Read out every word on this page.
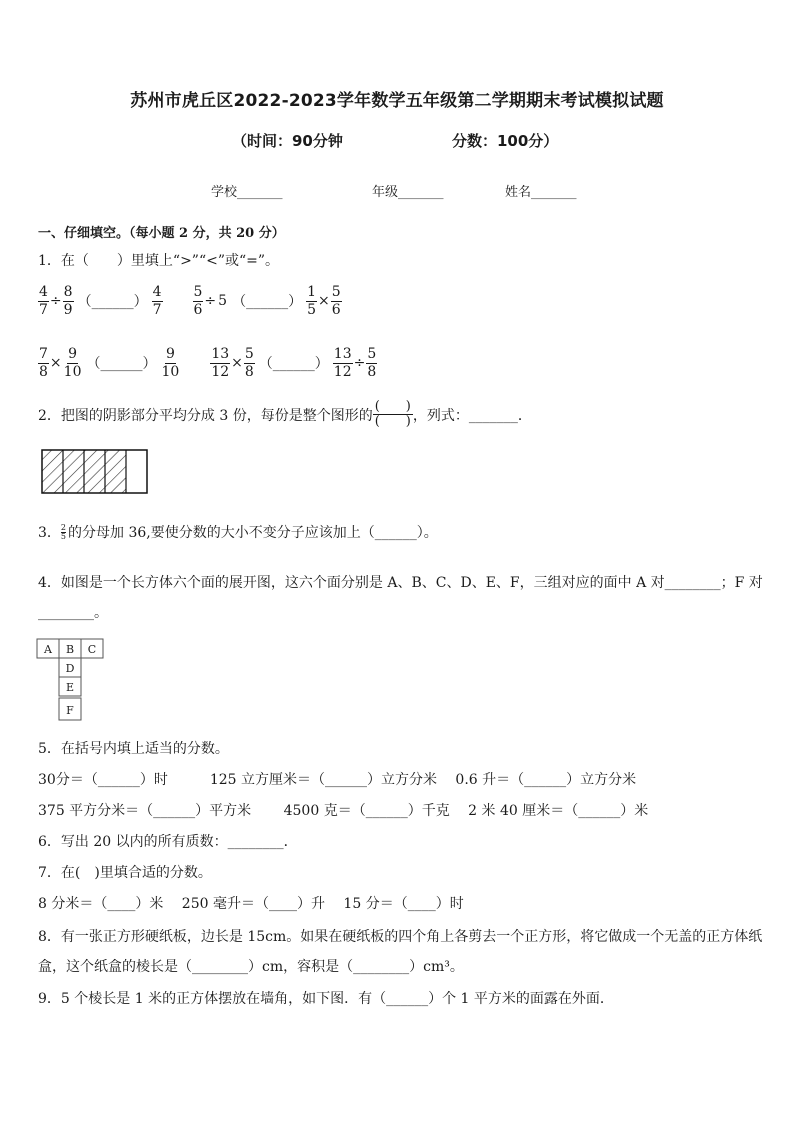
苏州市虎丘区2022-2023学年数学五年级第二学期期末考试模拟试题
（时间：90分钟	分数：100分）
学校_______	年级_______	姓名_______
一、仔细填空。（每小题 2 分，共 20 分）
1．在（　　）里填上“>”“<”或“=”。
$\frac{4}{7} \div \frac{8}{9}$ （______） $\frac{4}{7} \frac{5}{6} \div 5$ （______） $\frac{1}{5} \times \frac{5}{6}$
$\frac{7}{8} \times \frac{9}{10}$ （______） $\frac{9}{10} \frac{13}{12} \times \frac{5}{8}$ （______） $\frac{13}{12} \div \frac{5}{8}$
2．把图的阴影部分平均分成 3 份，每份是整个图形的
(　　)
(　　) ，列式：_______．
3． 2
5 的分母加 36,要使分数的大小不变分子应该加上（______）。
4．如图是一个长方体六个面的展开图，这六个面分别是 A、B、C、D、E、F，三组对应的面中 A 对________；F 对
________。
A B C
D
E
F
5．在括号内填上适当的分数。
30分＝（______）时　　　125 立方厘米＝（______）立方分米　 0.6 升＝（______）立方分米
375 平方分米＝（______）平方米　　 4500 克＝（______）千克　 2 米 40 厘米＝（______）米
6．写出 20 以内的所有质数：________．
7．在(　)里填合适的分数。
8 分米＝（____）米　 250 毫升＝（____）升　 15 分＝（____）时
8．有一张正方形硬纸板，边长是 15cm。如果在硬纸板的四个角上各剪去一个正方形，将它做成一个无盖的正方体纸
盒，这个纸盒的棱长是（________）cm，容积是（________）cm³。
9．5 个棱长是 1 米的正方体摆放在墙角，如下图．有（______）个 1 平方米的面露在外面．
